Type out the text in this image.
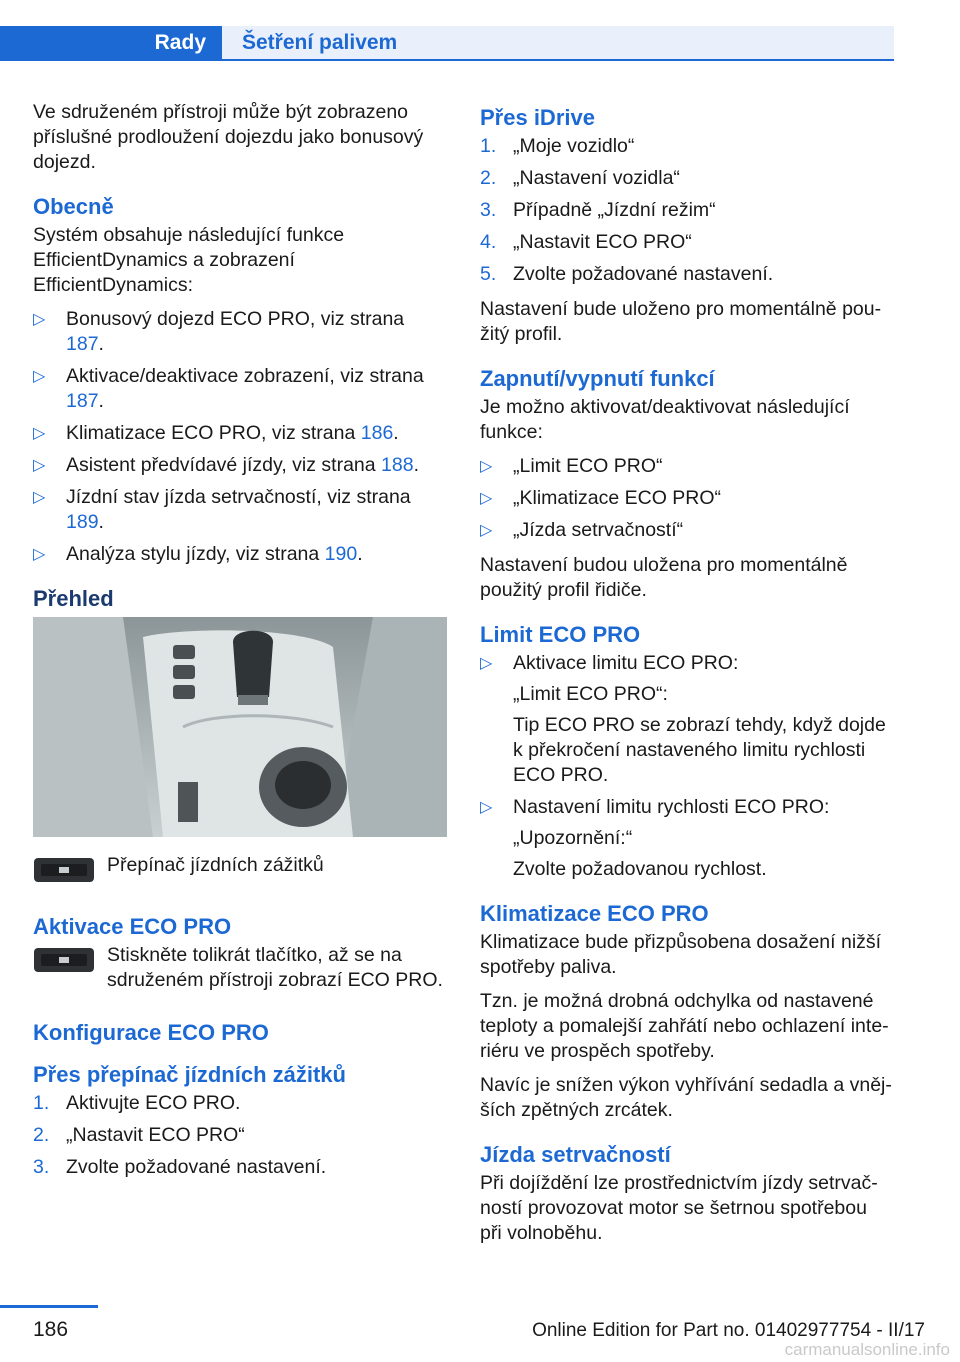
Rady	Šetření palivem

Ve sdruženém přístroji může být zobrazeno příslušné prodloužení dojezdu jako bonusový dojezd.

Obecně

Systém obsahuje následující funkce EfficientDynamics a zobrazení EfficientDynamics:

▷ Bonusový dojezd ECO PRO, viz strana 187.
▷ Aktivace/deaktivace zobrazení, viz strana 187.
▷ Klimatizace ECO PRO, viz strana 186.
▷ Asistent předvídavé jízdy, viz strana 188.
▷ Jízdní stav jízda setrvačností, viz strana 189.
▷ Analýza stylu jízdy, viz strana 190.
Přehled
Přepínač jízdních zážitků
Aktivace ECO PRO
Stiskněte tolikrát tlačítko, až se na sdruženém přístroji zobrazí ECO PRO.
Konfigurace ECO PRO
Přes přepínač jízdních zážitků
1. Aktivujte ECO PRO.
2. „Nastavit ECO PRO“
3. Zvolte požadované nastavení.
Přes iDrive
1. „Moje vozidlo“
2. „Nastavení vozidla“
3. Případně „Jízdní režim“
4. „Nastavit ECO PRO“
5. Zvolte požadované nastavení.

Nastavení bude uloženo pro momentálně pou-žitý profil.

Zapnutí/vypnutí funkcí

Je možno aktivovat/deaktivovat následující funkce:

▷ „Limit ECO PRO“
▷ „Klimatizace ECO PRO“
▷ „Jízda setrvačností“

Nastavení budou uložena pro momentálně použitý profil řidiče.

Limit ECO PRO
▷ Aktivace limitu ECO PRO:
„Limit ECO PRO“:
Tip ECO PRO se zobrazí tehdy, když dojde k překročení nastaveného limitu rychlosti ECO PRO.
▷ Nastavení limitu rychlosti ECO PRO:
„Upozornění:“
Zvolte požadovanou rychlost.
Klimatizace ECO PRO

Klimatizace bude přizpůsobena dosažení nižší spotřeby paliva.

Tzn. je možná drobná odchylka od nastavené teploty a pomalejší zahřátí nebo ochlazení inte-riéru ve prospěch spotřeby.

Navíc je snížen výkon vyhřívání sedadla a vněj-ších zpětných zrcátek.

Jízda setrvačností

Při dojíždění lze prostřednictvím jízdy setrvač-ností provozovat motor se šetrnou spotřebou při volnoběhu.

186	Online Edition for Part no. 01402977754 - II/17
carmanualsonline.info
